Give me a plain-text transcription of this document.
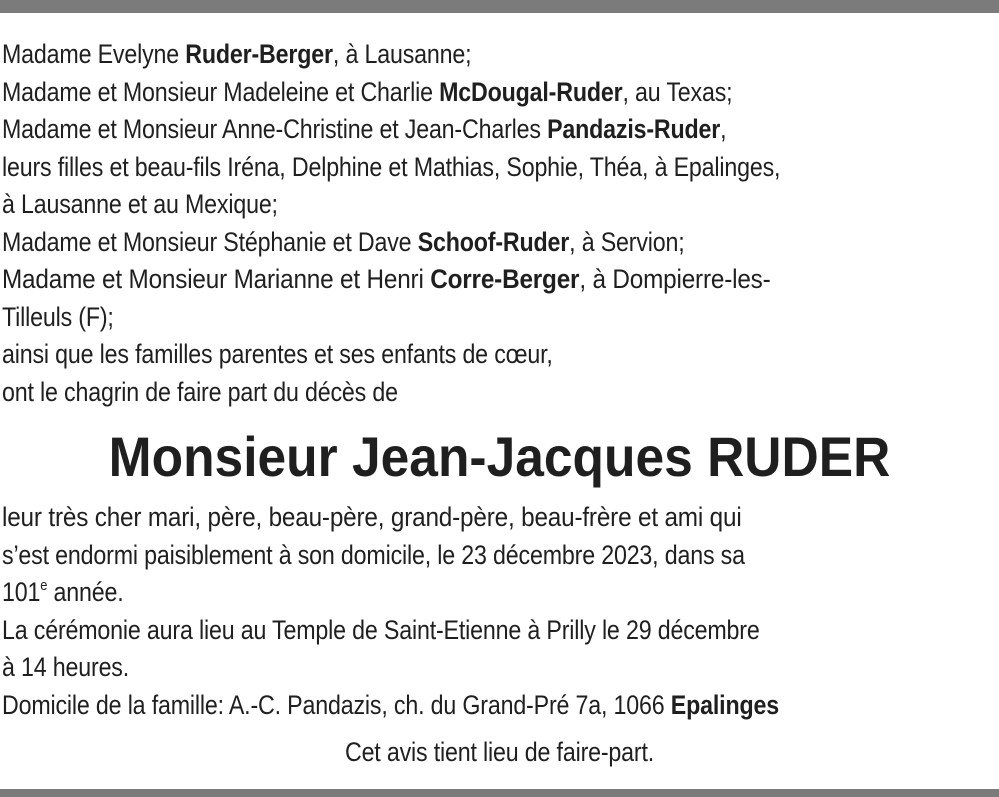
Madame Evelyne Ruder-Berger, à Lausanne;
Madame et Monsieur Madeleine et Charlie McDougal-Ruder, au Texas;
Madame et Monsieur Anne-Christine et Jean-Charles Pandazis-Ruder,
leurs filles et beau-fils Iréna, Delphine et Mathias, Sophie, Théa, à Epalinges,
à Lausanne et au Mexique;
Madame et Monsieur Stéphanie et Dave Schoof-Ruder, à Servion;
Madame et Monsieur Marianne et Henri Corre-Berger, à Dompierre-les-
Tilleuls (F);
ainsi que les familles parentes et ses enfants de cœur,
ont le chagrin de faire part du décès de
Monsieur Jean-Jacques RUDER
leur très cher mari, père, beau-père, grand-père, beau-frère et ami qui
s’est endormi paisiblement à son domicile, le 23 décembre 2023, dans sa
101e année.
La cérémonie aura lieu au Temple de Saint-Etienne à Prilly le 29 décembre
à 14 heures.
Domicile de la famille: A.-C. Pandazis, ch. du Grand-Pré 7a, 1066 Epalinges
Cet avis tient lieu de faire-part.
